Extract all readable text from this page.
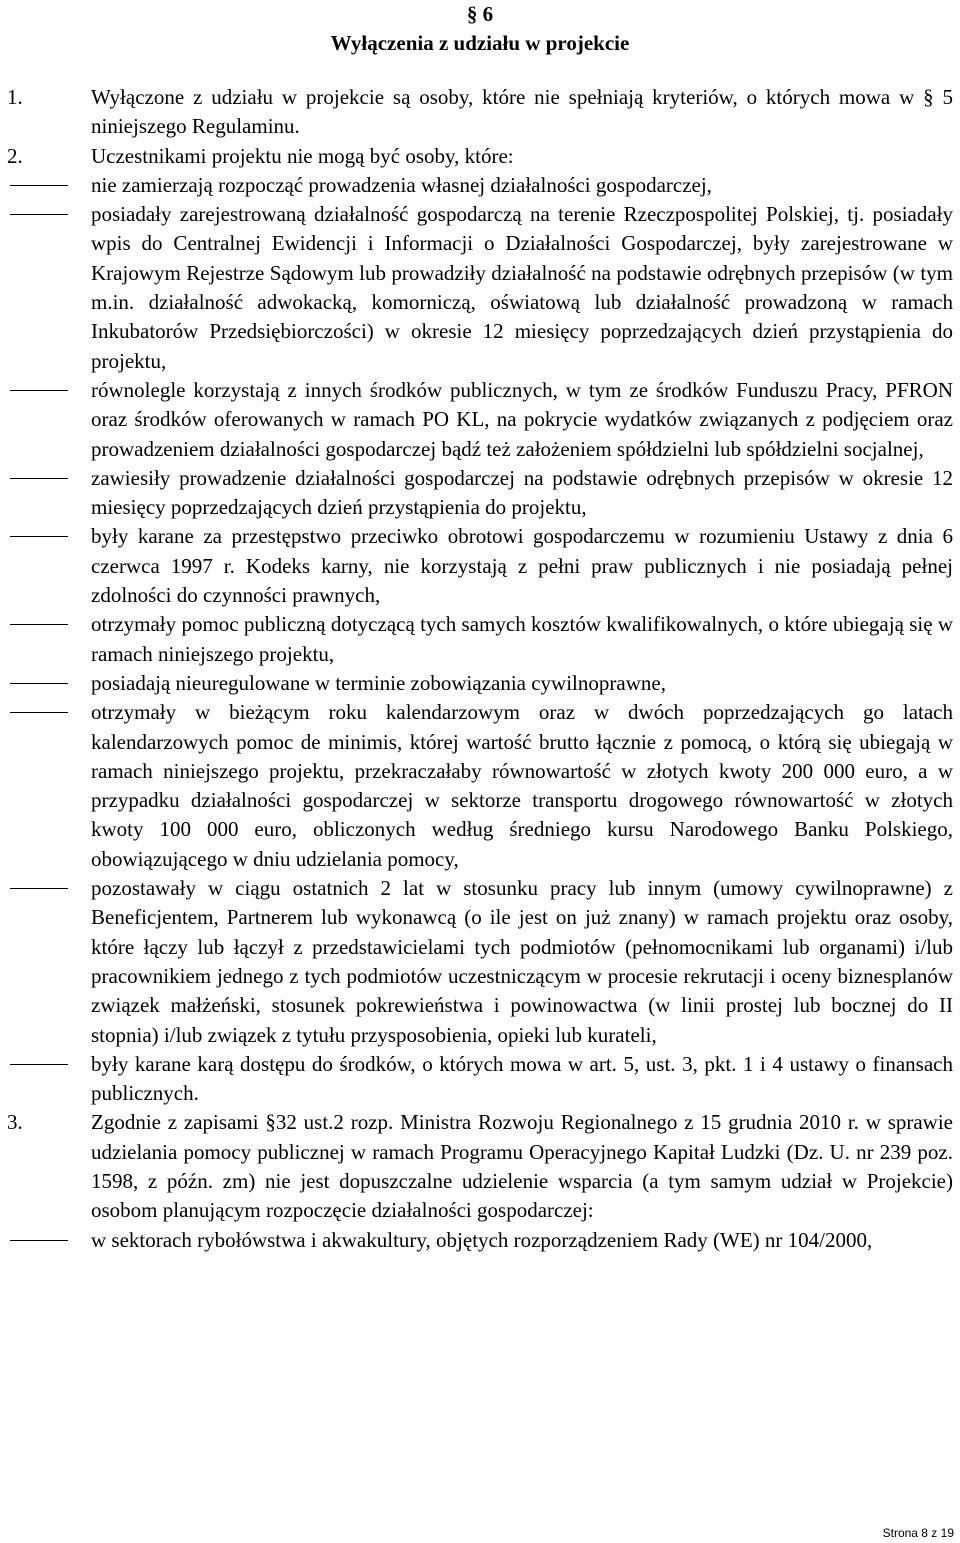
§ 6

Wyłączenia z udziału w projekcie

1.	Wyłączone z udziału w projekcie są osoby, które nie spełniają kryteriów, o których mowa w § 5 niniejszego Regulaminu.
2.	Uczestnikami projektu nie mogą być osoby, które:
nie zamierzają rozpocząć prowadzenia własnej działalności gospodarczej,
posiadały zarejestrowaną działalność gospodarczą na terenie Rzeczpospolitej Polskiej, tj. posiadały wpis do Centralnej Ewidencji i Informacji o Działalności Gospodarczej, były zarejestrowane w Krajowym Rejestrze Sądowym lub prowadziły działalność na podstawie odrębnych przepisów (w tym m.in. działalność adwokacką, komorniczą, oświatową lub działalność prowadzoną w ramach Inkubatorów Przedsiębiorczości) w okresie 12 miesięcy poprzedzających dzień przystąpienia do projektu,
równolegle korzystają z innych środków publicznych, w tym ze środków Funduszu Pracy, PFRON oraz środków oferowanych w ramach PO KL, na pokrycie wydatków związanych z podjęciem oraz prowadzeniem działalności gospodarczej bądź też założeniem spółdzielni lub spółdzielni socjalnej,
zawiesiły prowadzenie działalności gospodarczej na podstawie odrębnych przepisów w okresie 12 miesięcy poprzedzających dzień przystąpienia do projektu,
były karane za przestępstwo przeciwko obrotowi gospodarczemu w rozumieniu Ustawy z dnia 6 czerwca 1997 r. Kodeks karny, nie korzystają z pełni praw publicznych i nie posiadają pełnej zdolności do czynności prawnych,
otrzymały pomoc publiczną dotyczącą tych samych kosztów kwalifikowalnych, o które ubiegają się w ramach niniejszego projektu,
posiadają nieuregulowane w terminie zobowiązania cywilnoprawne,
otrzymały w bieżącym roku kalendarzowym oraz w dwóch poprzedzających go latach kalendarzowych pomoc de minimis, której wartość brutto łącznie z pomocą, o którą się ubiegają w ramach niniejszego projektu, przekraczałaby równowartość w złotych kwoty 200 000 euro, a w przypadku działalności gospodarczej w sektorze transportu drogowego równowartość w złotych kwoty 100 000 euro, obliczonych według średniego kursu Narodowego Banku Polskiego, obowiązującego w dniu udzielania pomocy,
pozostawały w ciągu ostatnich 2 lat w stosunku pracy lub innym (umowy cywilnoprawne) z Beneficjentem, Partnerem lub wykonawcą (o ile jest on już znany) w ramach projektu oraz osoby, które łączy lub łączył z przedstawicielami tych podmiotów (pełnomocnikami lub organami) i/lub pracownikiem jednego z tych podmiotów uczestniczącym w procesie rekrutacji i oceny biznesplanów związek małżeński, stosunek pokrewieństwa i powinowactwa (w linii prostej lub bocznej do II stopnia) i/lub związek z tytułu przysposobienia, opieki lub kurateli,
były karane karą dostępu do środków, o których mowa w art. 5, ust. 3, pkt. 1 i 4 ustawy o finansach publicznych.
3.	Zgodnie z zapisami §32 ust.2 rozp. Ministra Rozwoju Regionalnego z 15 grudnia 2010 r. w sprawie udzielania pomocy publicznej w ramach Programu Operacyjnego Kapitał Ludzki (Dz. U. nr 239 poz. 1598, z późn. zm) nie jest dopuszczalne udzielenie wsparcia (a tym samym udział w Projekcie) osobom planującym rozpoczęcie działalności gospodarczej:
w sektorach rybołówstwa i akwakultury, objętych rozporządzeniem Rady (WE) nr 104/2000,
Strona 8 z 19
